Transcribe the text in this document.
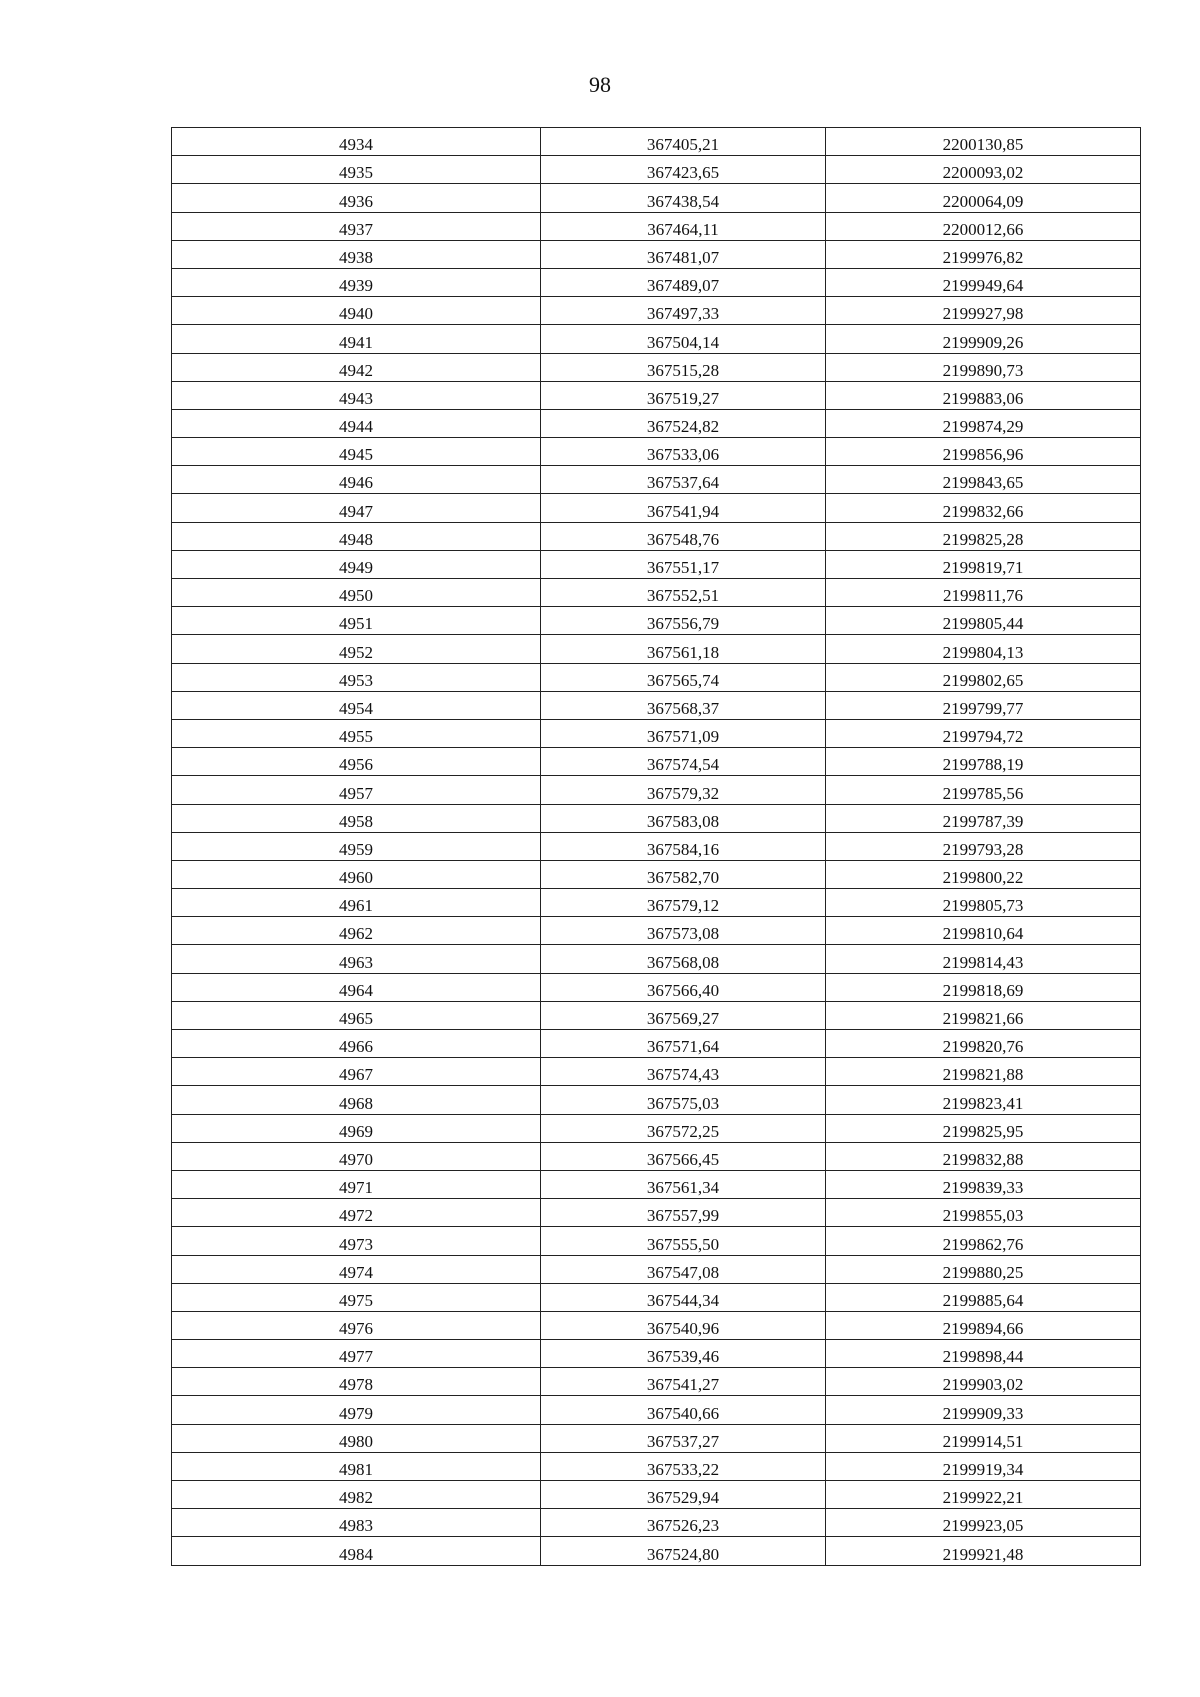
98
4934	367405,21	2200130,85
4935	367423,65	2200093,02
4936	367438,54	2200064,09
4937	367464,11	2200012,66
4938	367481,07	2199976,82
4939	367489,07	2199949,64
4940	367497,33	2199927,98
4941	367504,14	2199909,26
4942	367515,28	2199890,73
4943	367519,27	2199883,06
4944	367524,82	2199874,29
4945	367533,06	2199856,96
4946	367537,64	2199843,65
4947	367541,94	2199832,66
4948	367548,76	2199825,28
4949	367551,17	2199819,71
4950	367552,51	2199811,76
4951	367556,79	2199805,44
4952	367561,18	2199804,13
4953	367565,74	2199802,65
4954	367568,37	2199799,77
4955	367571,09	2199794,72
4956	367574,54	2199788,19
4957	367579,32	2199785,56
4958	367583,08	2199787,39
4959	367584,16	2199793,28
4960	367582,70	2199800,22
4961	367579,12	2199805,73
4962	367573,08	2199810,64
4963	367568,08	2199814,43
4964	367566,40	2199818,69
4965	367569,27	2199821,66
4966	367571,64	2199820,76
4967	367574,43	2199821,88
4968	367575,03	2199823,41
4969	367572,25	2199825,95
4970	367566,45	2199832,88
4971	367561,34	2199839,33
4972	367557,99	2199855,03
4973	367555,50	2199862,76
4974	367547,08	2199880,25
4975	367544,34	2199885,64
4976	367540,96	2199894,66
4977	367539,46	2199898,44
4978	367541,27	2199903,02
4979	367540,66	2199909,33
4980	367537,27	2199914,51
4981	367533,22	2199919,34
4982	367529,94	2199922,21
4983	367526,23	2199923,05
4984	367524,80	2199921,48
